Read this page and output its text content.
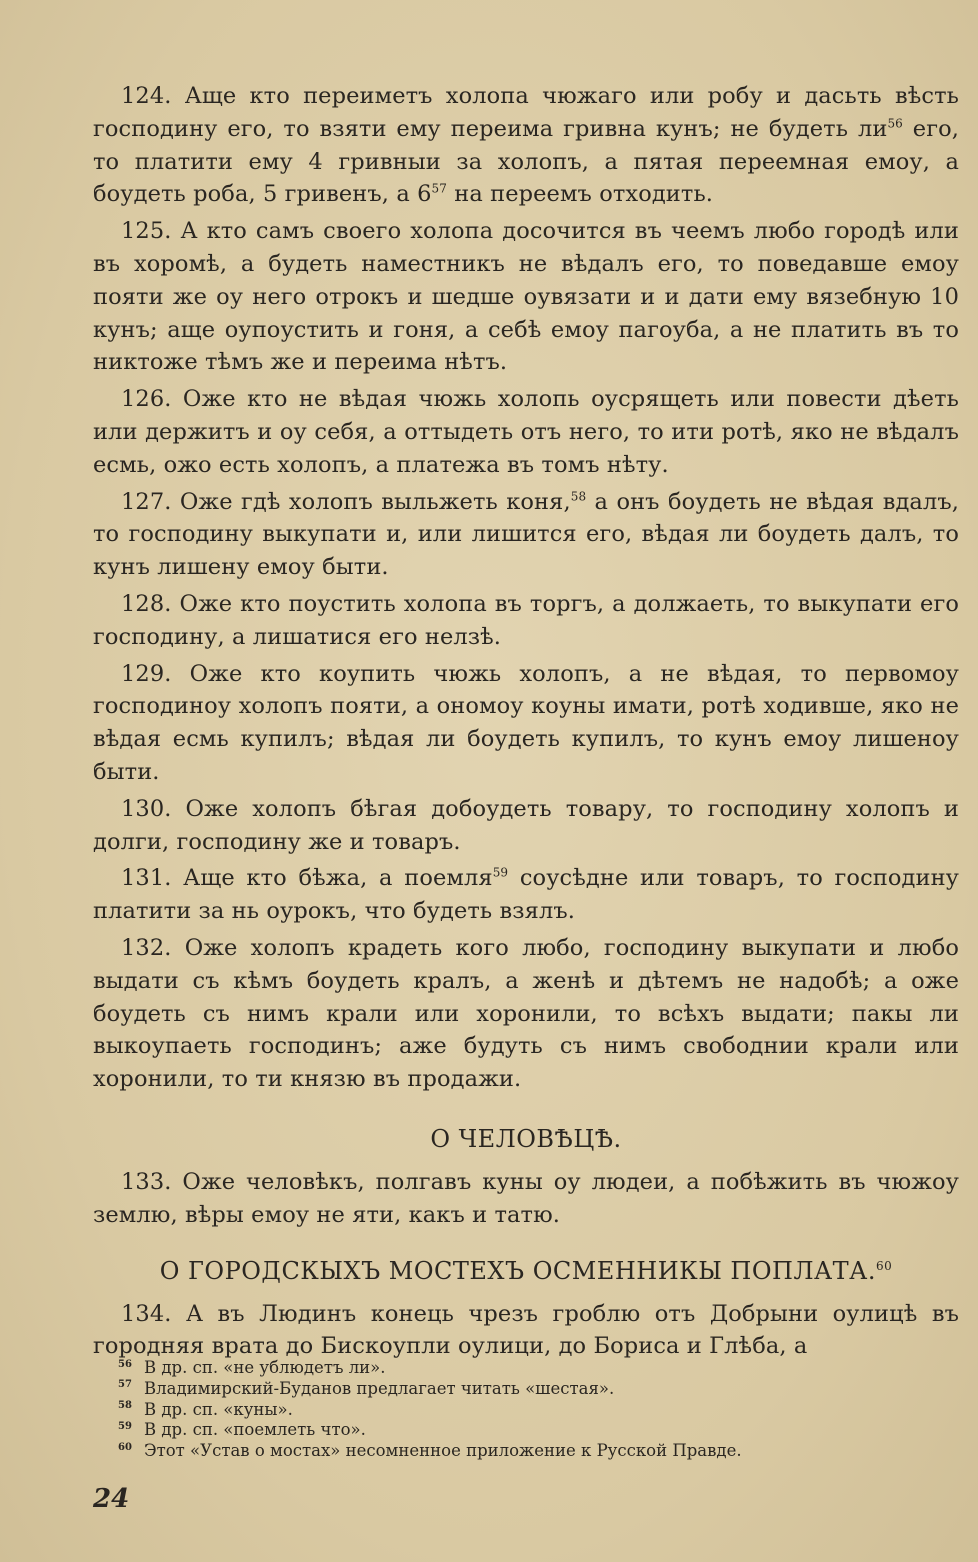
124. Аще кто переиметъ холопа чюжаго или робу и дасьть вѣсть господину его, то взяти ему переима гривна кунъ; не будеть ли$^{56}$ его, то платити ему 4 гривныи за холопъ, а пятая переемная емоу, а боудеть роба, 5 гривенъ, а 6$^{57}$ на переемъ отходить.

125. А кто самъ своего холопа досочится въ чеемъ любо городѣ или въ хоромѣ, а будеть наместникъ не вѣдалъ его, то поведавше емоу пояти же оу него отрокъ и шедше оувязати и и дати ему вязебную 10 кунъ; аще оупоустить и гоня, а себѣ емоу пагоуба, а не платить въ то никтоже тѣмъ же и переима нѣтъ.

126. Оже кто не вѣдая чюжь холопь оусрящеть или повести дѣеть или держитъ и оу себя, а оттыдеть отъ него, то ити ротѣ, яко не вѣдалъ есмь, ожо есть холопъ, а платежа въ томъ нѣту.

127. Оже гдѣ холопъ выльжеть коня,$^{58}$ а онъ боудеть не вѣдая вдалъ, то господину выкупати и, или лишится его, вѣдая ли боудеть далъ, то кунъ лишену емоу быти.

128. Оже кто поустить холопа въ торгъ, а должаеть, то выкупати его господину, а лишатися его нелзѣ.

129. Оже кто коупить чюжь холопъ, а не вѣдая, то первомоу господиноу холопъ пояти, а ономоу коуны имати, ротѣ ходивше, яко не вѣдая есмь купилъ; вѣдая ли боудеть купилъ, то кунъ емоу лишеноу быти.

130. Оже холопъ бѣгая добоудеть товару, то господину холопъ и долги, господину же и товаръ.

131. Аще кто бѣжа, а поемля$^{59}$ соусѣдне или товаръ, то господину платити за нь оурокъ, что будеть взялъ.

132. Оже холопъ крадеть кого любо, господину выкупати и любо выдати съ кѣмъ боудеть кралъ, а женѣ и дѣтемъ не надобѣ; а оже боудеть съ нимъ крали или хоронили, то всѣхъ выдати; пакы ли выкоупаеть господинъ; аже будуть съ нимъ свободнии крали или хоронили, то ти князю въ продажи.

О ЧЕЛОВѢЦѢ.

133. Оже человѣкъ, полгавъ куны оу людеи, а побѣжить въ чюжоу землю, вѣры емоу не яти, какъ и татю.

О ГОРОДСКЫХЪ МОСТЕХЪ ОСМЕННИКЫ ПОПЛАТА.$^{60}$

134. А въ Людинъ конець чрезъ гроблю отъ Добрыни оулицѣ въ городняя врата до Бискоупли оулици, до Бориса и Глѣба, а

56 В др. сп. «не ублюдетъ ли».

57 Владимирский-Буданов предлагает читать «шестая».

58 В др. сп. «куны».

59 В др. сп. «поемлеть что».

60 Этот «Устав о мостах» несомненное приложение к Русской Правде.

24
